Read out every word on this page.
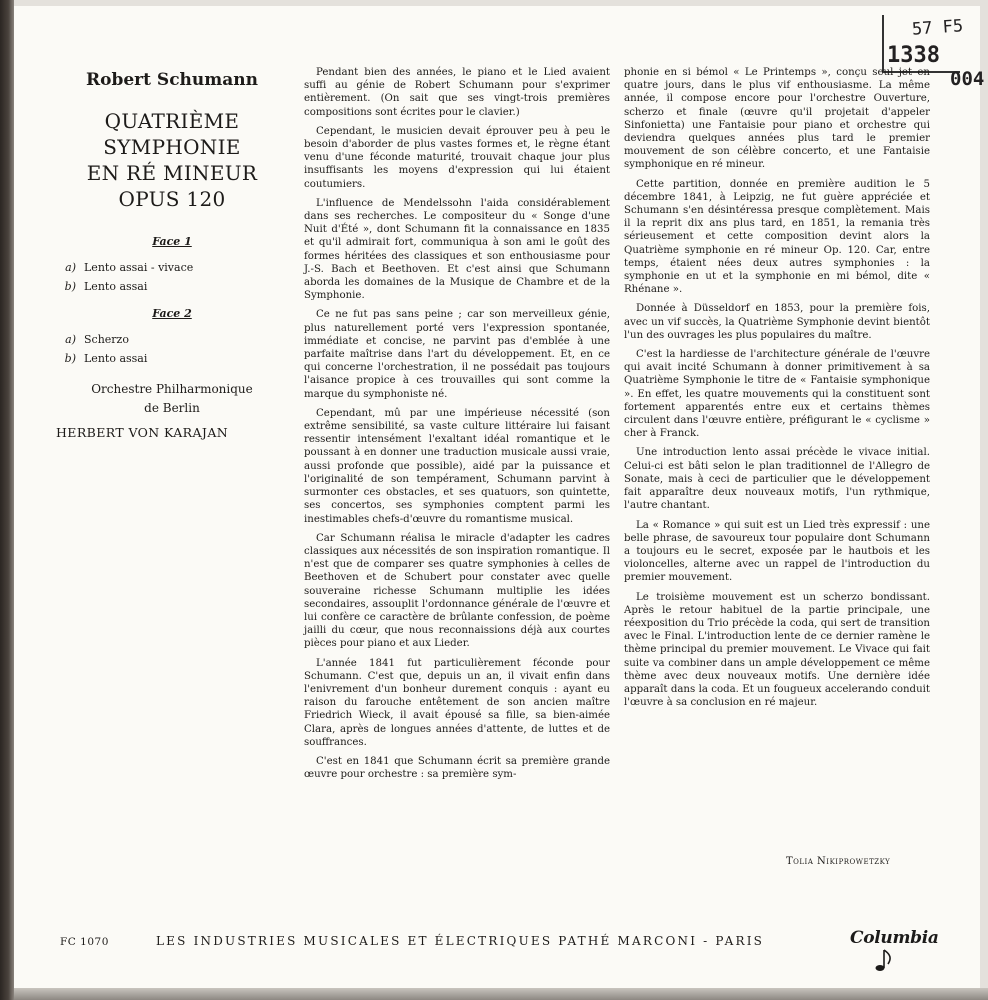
57 F5
1338
004
Robert Schumann
QUATRIÈME
SYMPHONIE
EN RÉ MINEUR
OPUS 120
Face 1
a) Lento assai - vivace
b) Lento assai
Face 2
a) Scherzo
b) Lento assai
Orchestre Philharmonique
de Berlin
HERBERT VON KARAJAN

Pendant bien des années, le piano et le Lied avaient suffi au génie de Robert Schumann pour s'exprimer entièrement. (On sait que ses vingt-trois premières compositions sont écrites pour le clavier.)

Cependant, le musicien devait éprouver peu à peu le besoin d'aborder de plus vastes formes et, le règne étant venu d'une féconde maturité, trouvait chaque jour plus insuffisants les moyens d'expression qui lui étaient coutumiers.

L'influence de Mendelssohn l'aida considérablement dans ses recherches. Le compositeur du « Songe d'une Nuit d'Été », dont Schumann fit la connaissance en 1835 et qu'il admirait fort, communiqua à son ami le goût des formes héritées des classiques et son enthousiasme pour J.-S. Bach et Beethoven. Et c'est ainsi que Schumann aborda les domaines de la Musique de Chambre et de la Symphonie.

Ce ne fut pas sans peine ; car son merveilleux génie, plus naturellement porté vers l'expression spontanée, immédiate et concise, ne parvint pas d'emblée à une parfaite maîtrise dans l'art du développement. Et, en ce qui concerne l'orchestration, il ne possédait pas toujours l'aisance propice à ces trouvailles qui sont comme la marque du symphoniste né.

Cependant, mû par une impérieuse nécessité (son extrême sensibilité, sa vaste culture littéraire lui faisant ressentir intensément l'exaltant idéal romantique et le poussant à en donner une traduction musicale aussi vraie, aussi profonde que possible), aidé par la puissance et l'originalité de son tempérament, Schumann parvint à surmonter ces obstacles, et ses quatuors, son quintette, ses concertos, ses symphonies comptent parmi les inestimables chefs-d'œuvre du romantisme musical.

Car Schumann réalisa le miracle d'adapter les cadres classiques aux nécessités de son inspiration romantique. Il n'est que de comparer ses quatre symphonies à celles de Beethoven et de Schubert pour constater avec quelle souveraine richesse Schumann multiplie les idées secondaires, assouplit l'ordonnance générale de l'œuvre et lui confère ce caractère de brûlante confession, de poème jailli du cœur, que nous reconnaissions déjà aux courtes pièces pour piano et aux Lieder.

L'année 1841 fut particulièrement féconde pour Schumann. C'est que, depuis un an, il vivait enfin dans l'enivrement d'un bonheur durement conquis : ayant eu raison du farouche entêtement de son ancien maître Friedrich Wieck, il avait épousé sa fille, sa bien-aimée Clara, après de longues années d'attente, de luttes et de souffrances.

C'est en 1841 que Schumann écrit sa première grande œuvre pour orchestre : sa première sym-

phonie en si bémol « Le Printemps », conçu seul jet en quatre jours, dans le plus vif enthousiasme. La même année, il compose encore pour l'orchestre Ouverture, scherzo et finale (œuvre qu'il projetait d'appeler Sinfonietta) une Fantaisie pour piano et orchestre qui deviendra quelques années plus tard le premier mouvement de son célèbre concerto, et une Fantaisie symphonique en ré mineur.

Cette partition, donnée en première audition le 5 décembre 1841, à Leipzig, ne fut guère appréciée et Schumann s'en désintéressa presque complètement. Mais il la reprit dix ans plus tard, en 1851, la remania très sérieusement et cette composition devint alors la Quatrième symphonie en ré mineur Op. 120. Car, entre temps, étaient nées deux autres symphonies : la symphonie en ut et la symphonie en mi bémol, dite « Rhénane ».

Donnée à Düsseldorf en 1853, pour la première fois, avec un vif succès, la Quatrième Symphonie devint bientôt l'un des ouvrages les plus populaires du maître.

C'est la hardiesse de l'architecture générale de l'œuvre qui avait incité Schumann à donner primitivement à sa Quatrième Symphonie le titre de « Fantaisie symphonique ». En effet, les quatre mouvements qui la constituent sont fortement apparentés entre eux et certains thèmes circulent dans l'œuvre entière, préfigurant le « cyclisme » cher à Franck.

Une introduction lento assai précède le vivace initial. Celui-ci est bâti selon le plan traditionnel de l'Allegro de Sonate, mais à ceci de particulier que le développement fait apparaître deux nouveaux motifs, l'un rythmique, l'autre chantant.

La « Romance » qui suit est un Lied très expressif : une belle phrase, de savoureux tour populaire dont Schumann a toujours eu le secret, exposée par le hautbois et les violoncelles, alterne avec un rappel de l'introduction du premier mouvement.

Le troisième mouvement est un scherzo bondissant. Après le retour habituel de la partie principale, une réexposition du Trio précède la coda, qui sert de transition avec le Final. L'introduction lente de ce dernier ramène le thème principal du premier mouvement. Le Vivace qui fait suite va combiner dans un ample développement ce même thème avec deux nouveaux motifs. Une dernière idée apparaît dans la coda. Et un fougueux accelerando conduit l'œuvre à sa conclusion en ré majeur.

Tolia Nikiprowetzky
FC 1070	LES INDUSTRIES MUSICALES ET ÉLECTRIQUES PATHÉ MARCONI - PARIS	Columbia
